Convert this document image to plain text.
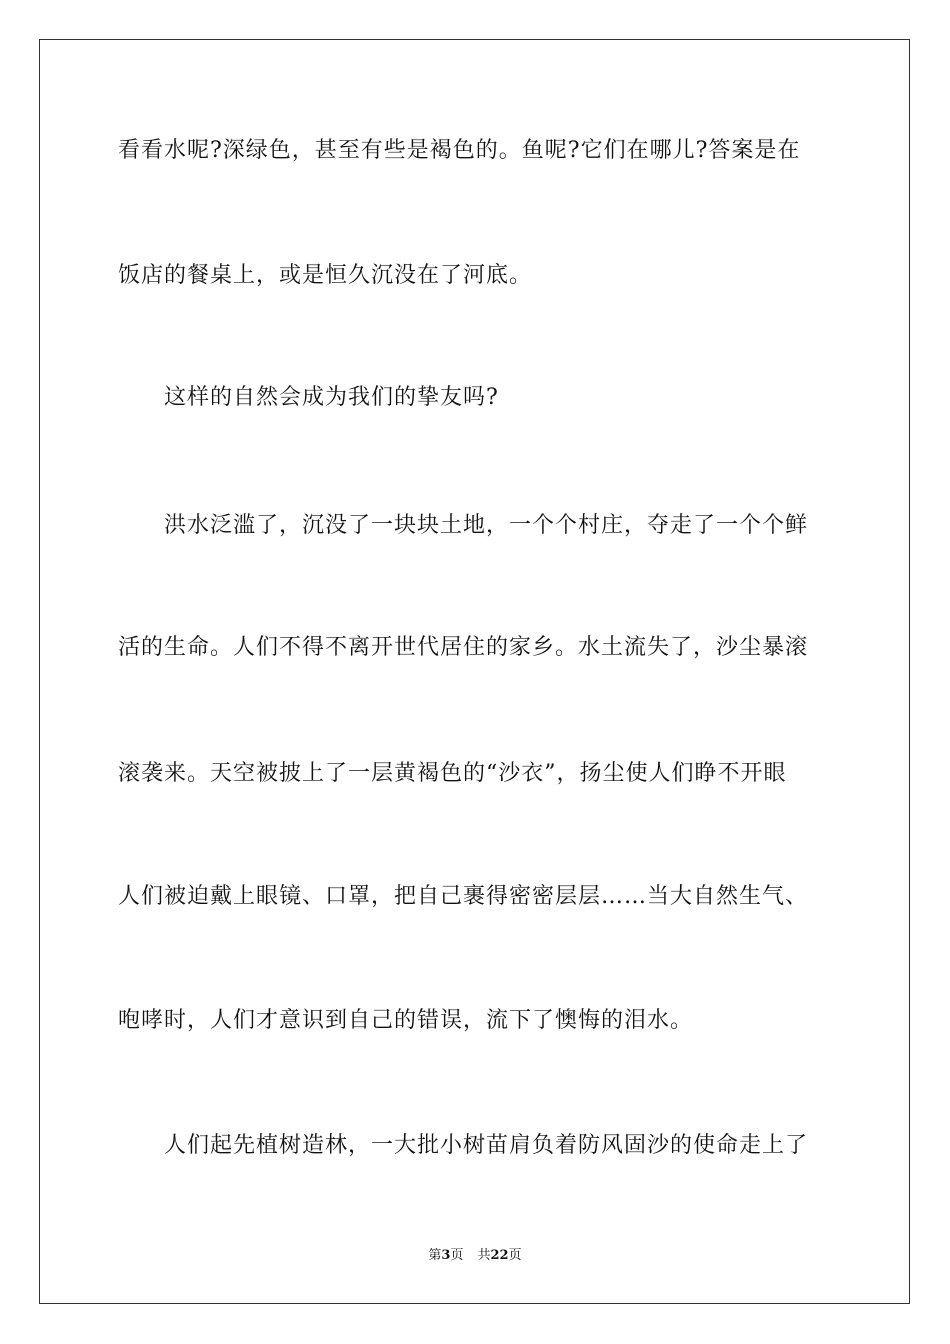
看看水呢?深绿色，甚至有些是褐色的。鱼呢?它们在哪儿?答案是在
饭店的餐桌上，或是恒久沉没在了河底。
这样的自然会成为我们的挚友吗?
洪水泛滥了，沉没了一块块土地，一个个村庄，夺走了一个个鲜
活的生命。人们不得不离开世代居住的家乡。水土流失了，沙尘暴滚
滚袭来。天空被披上了一层黄褐色的“沙衣”，扬尘使人们睁不开眼
人们被迫戴上眼镜、口罩，把自己裹得密密层层……当大自然生气、
咆哮时，人们才意识到自己的错误，流下了懊悔的泪水。
人们起先植树造林，一大批小树苗肩负着防风固沙的使命走上了
第3页 共22页
